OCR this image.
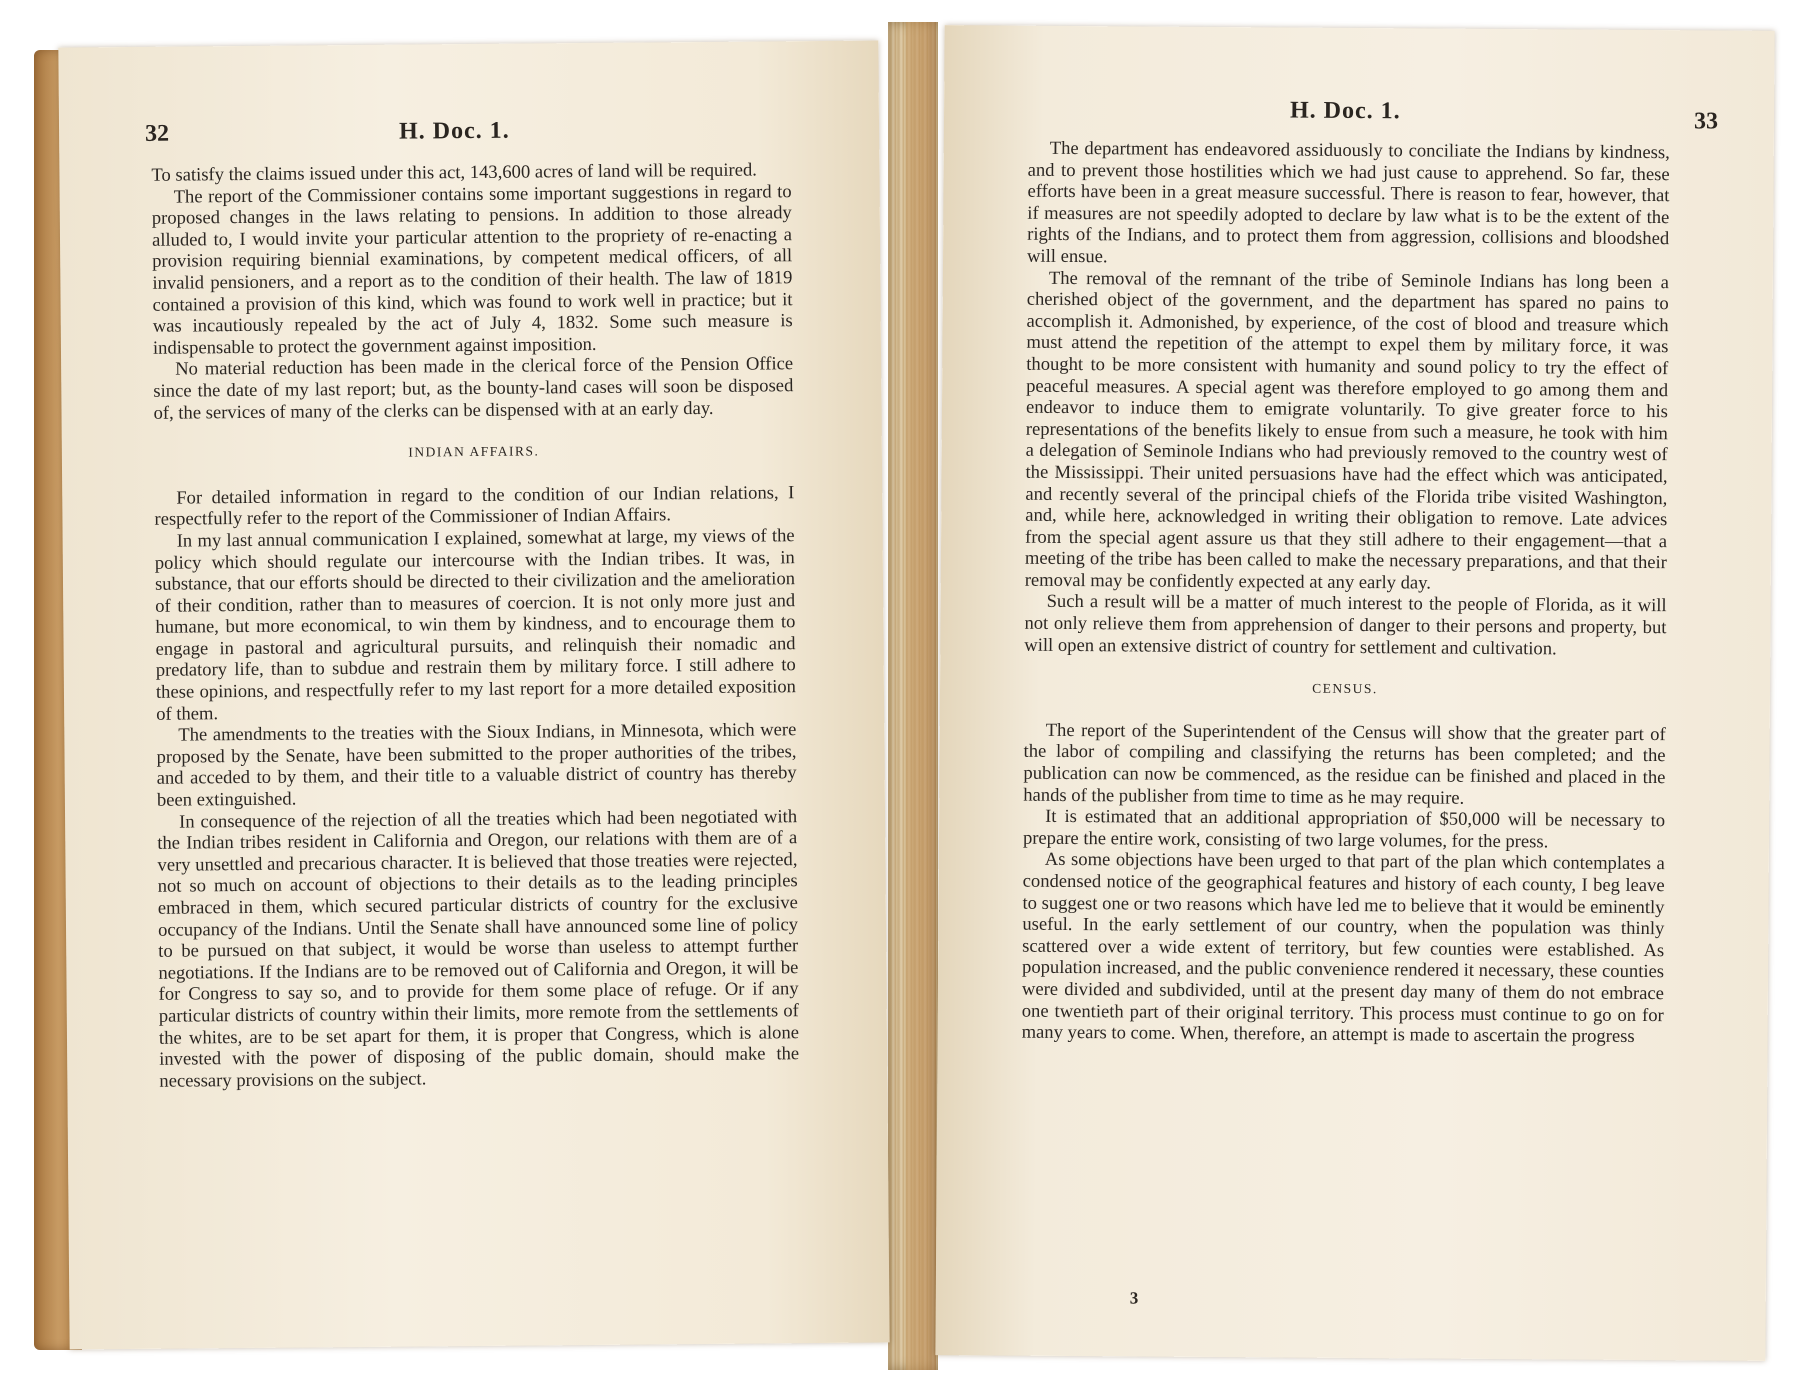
32	H. Doc. 1.

To satisfy the claims issued under this act, 143,600 acres of land will be required.

The report of the Commissioner contains some important suggestions in regard to proposed changes in the laws relating to pensions. In addition to those already alluded to, I would invite your particular attention to the propriety of re-enacting a provision requiring biennial examinations, by competent medical officers, of all invalid pensioners, and a report as to the condition of their health. The law of 1819 contained a provision of this kind, which was found to work well in practice; but it was incautiously repealed by the act of July 4, 1832. Some such measure is indispensable to protect the government against imposition.

No material reduction has been made in the clerical force of the Pension Office since the date of my last report; but, as the bounty-land cases will soon be disposed of, the services of many of the clerks can be dispensed with at an early day.

INDIAN AFFAIRS.

For detailed information in regard to the condition of our Indian relations, I respectfully refer to the report of the Commissioner of Indian Affairs.

In my last annual communication I explained, somewhat at large, my views of the policy which should regulate our intercourse with the Indian tribes. It was, in substance, that our efforts should be directed to their civilization and the amelioration of their condition, rather than to measures of coercion. It is not only more just and humane, but more economical, to win them by kindness, and to encourage them to engage in pastoral and agricultural pursuits, and relinquish their nomadic and predatory life, than to subdue and restrain them by military force. I still adhere to these opinions, and respectfully refer to my last report for a more detailed exposition of them.

The amendments to the treaties with the Sioux Indians, in Minnesota, which were proposed by the Senate, have been submitted to the proper authorities of the tribes, and acceded to by them, and their title to a valuable district of country has thereby been extinguished.

In consequence of the rejection of all the treaties which had been negotiated with the Indian tribes resident in California and Oregon, our relations with them are of a very unsettled and precarious character. It is believed that those treaties were rejected, not so much on account of objections to their details as to the leading principles embraced in them, which secured particular districts of country for the exclusive occupancy of the Indians. Until the Senate shall have announced some line of policy to be pursued on that subject, it would be worse than useless to attempt further negotiations. If the Indians are to be removed out of California and Oregon, it will be for Congress to say so, and to provide for them some place of refuge. Or if any particular districts of country within their limits, more remote from the settlements of the whites, are to be set apart for them, it is proper that Congress, which is alone invested with the power of disposing of the public domain, should make the necessary provisions on the subject.

H. Doc. 1.	33

The department has endeavored assiduously to conciliate the Indians by kindness, and to prevent those hostilities which we had just cause to apprehend. So far, these efforts have been in a great measure successful. There is reason to fear, however, that if measures are not speedily adopted to declare by law what is to be the extent of the rights of the Indians, and to protect them from aggression, collisions and bloodshed will ensue.

The removal of the remnant of the tribe of Seminole Indians has long been a cherished object of the government, and the department has spared no pains to accomplish it. Admonished, by experience, of the cost of blood and treasure which must attend the repetition of the attempt to expel them by military force, it was thought to be more consistent with humanity and sound policy to try the effect of peaceful measures. A special agent was therefore employed to go among them and endeavor to induce them to emigrate voluntarily. To give greater force to his representations of the benefits likely to ensue from such a measure, he took with him a delegation of Seminole Indians who had previously removed to the country west of the Mississippi. Their united persuasions have had the effect which was anticipated, and recently several of the principal chiefs of the Florida tribe visited Washington, and, while here, acknowledged in writing their obligation to remove. Late advices from the special agent assure us that they still adhere to their engagement—that a meeting of the tribe has been called to make the necessary preparations, and that their removal may be confidently expected at any early day.

Such a result will be a matter of much interest to the people of Florida, as it will not only relieve them from apprehension of danger to their persons and property, but will open an extensive district of country for settlement and cultivation.

CENSUS.

The report of the Superintendent of the Census will show that the greater part of the labor of compiling and classifying the returns has been completed; and the publication can now be commenced, as the residue can be finished and placed in the hands of the publisher from time to time as he may require.

It is estimated that an additional appropriation of $50,000 will be necessary to prepare the entire work, consisting of two large volumes, for the press.

As some objections have been urged to that part of the plan which contemplates a condensed notice of the geographical features and history of each county, I beg leave to suggest one or two reasons which have led me to believe that it would be eminently useful. In the early settlement of our country, when the population was thinly scattered over a wide extent of territory, but few counties were established. As population increased, and the public convenience rendered it necessary, these counties were divided and subdivided, until at the present day many of them do not embrace one twentieth part of their original territory. This process must continue to go on for many years to come. When, therefore, an attempt is made to ascertain the progress

3
